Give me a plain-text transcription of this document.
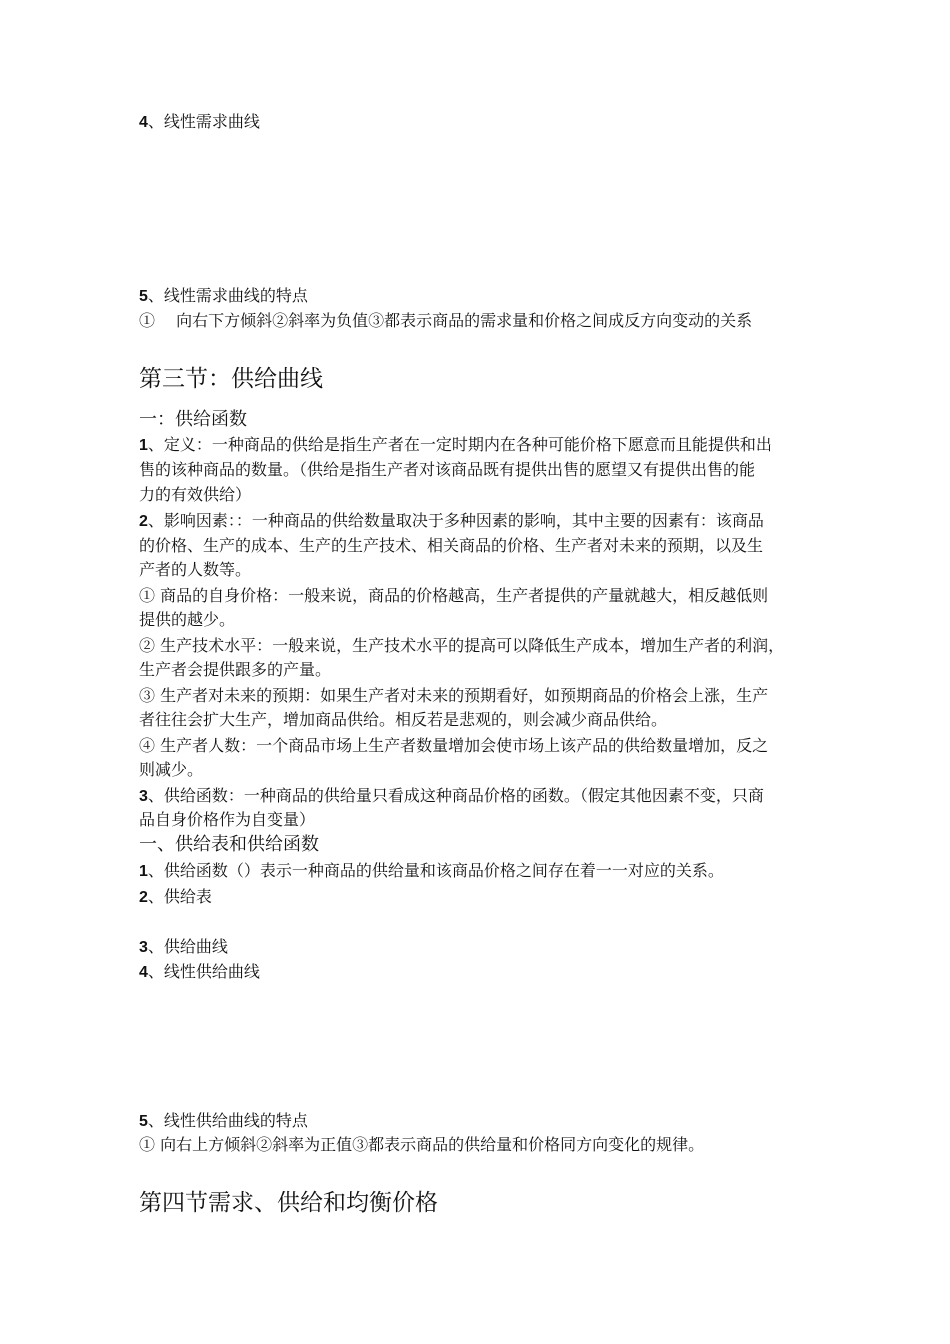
4、线性需求曲线
5、线性需求曲线的特点
①　 向右下方倾斜②斜率为负值③都表示商品的需求量和价格之间成反方向变动的关系
第三节：供给曲线
一：供给函数
1、定义：一种商品的供给是指生产者在一定时期内在各种可能价格下愿意而且能提供和出
售的该种商品的数量。（供给是指生产者对该商品既有提供出售的愿望又有提供出售的能
力的有效供给）
2、影响因素：：一种商品的供给数量取决于多种因素的影响，其中主要的因素有：该商品
的价格、生产的成本、生产的生产技术、相关商品的价格、生产者对未来的预期，以及生
产者的人数等。
① 商品的自身价格：一般来说，商品的价格越高，生产者提供的产量就越大，相反越低则
提供的越少。
② 生产技术水平：一般来说，生产技术水平的提高可以降低生产成本，增加生产者的利润，
生产者会提供跟多的产量。
③ 生产者对未来的预期：如果生产者对未来的预期看好，如预期商品的价格会上涨，生产
者往往会扩大生产，增加商品供给。相反若是悲观的，则会减少商品供给。
④ 生产者人数：一个商品市场上生产者数量增加会使市场上该产品的供给数量增加，反之
则减少。
3、供给函数：一种商品的供给量只看成这种商品价格的函数。（假定其他因素不变，只商
品自身价格作为自变量）
一、供给表和供给函数
1、供给函数（）表示一种商品的供给量和该商品价格之间存在着一一对应的关系。
2、供给表
3、供给曲线
4、线性供给曲线
5、线性供给曲线的特点
① 向右上方倾斜②斜率为正值③都表示商品的供给量和价格同方向变化的规律。
第四节需求、供给和均衡价格
